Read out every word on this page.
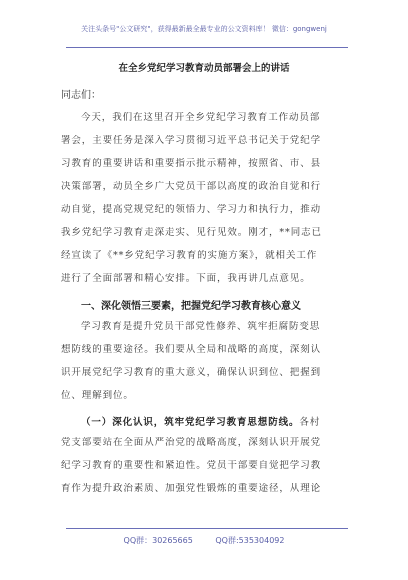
关注头条号"公文研究"，获得最新最全最专业的公文资料库！ 微信：gongwenj
在全乡党纪学习教育动员部署会上的讲话
同志们：
今天，我们在这里召开全乡党纪学习教育工作动员部
署会，主要任务是深入学习贯彻习近平总书记关于党纪学
习教育的重要讲话和重要指示批示精神，按照省、市、县
决策部署，动员全乡广大党员干部以高度的政治自觉和行
动自觉，提高党规党纪的领悟力、学习力和执行力，推动
我乡党纪学习教育走深走实、见行见效。刚才，**同志已
经宣读了《**乡党纪学习教育的实施方案》，就相关工作
进行了全面部署和精心安排。下面，我再讲几点意见。
一、深化领悟三要素，把握党纪学习教育核心意义
学习教育是提升党员干部党性修养、筑牢拒腐防变思
想防线的重要途径。我们要从全局和战略的高度，深刻认
识开展党纪学习教育的重大意义，确保认识到位、把握到
位、理解到位。
（一）深化认识，筑牢党纪学习教育思想防线。各村
党支部要站在全面从严治党的战略高度，深刻认识开展党
纪学习教育的重要性和紧迫性。党员干部要自觉把学习教
育作为提升政治素质、加强党性锻炼的重要途径，从理论
QQ群：30265665	QQ群:535304092
